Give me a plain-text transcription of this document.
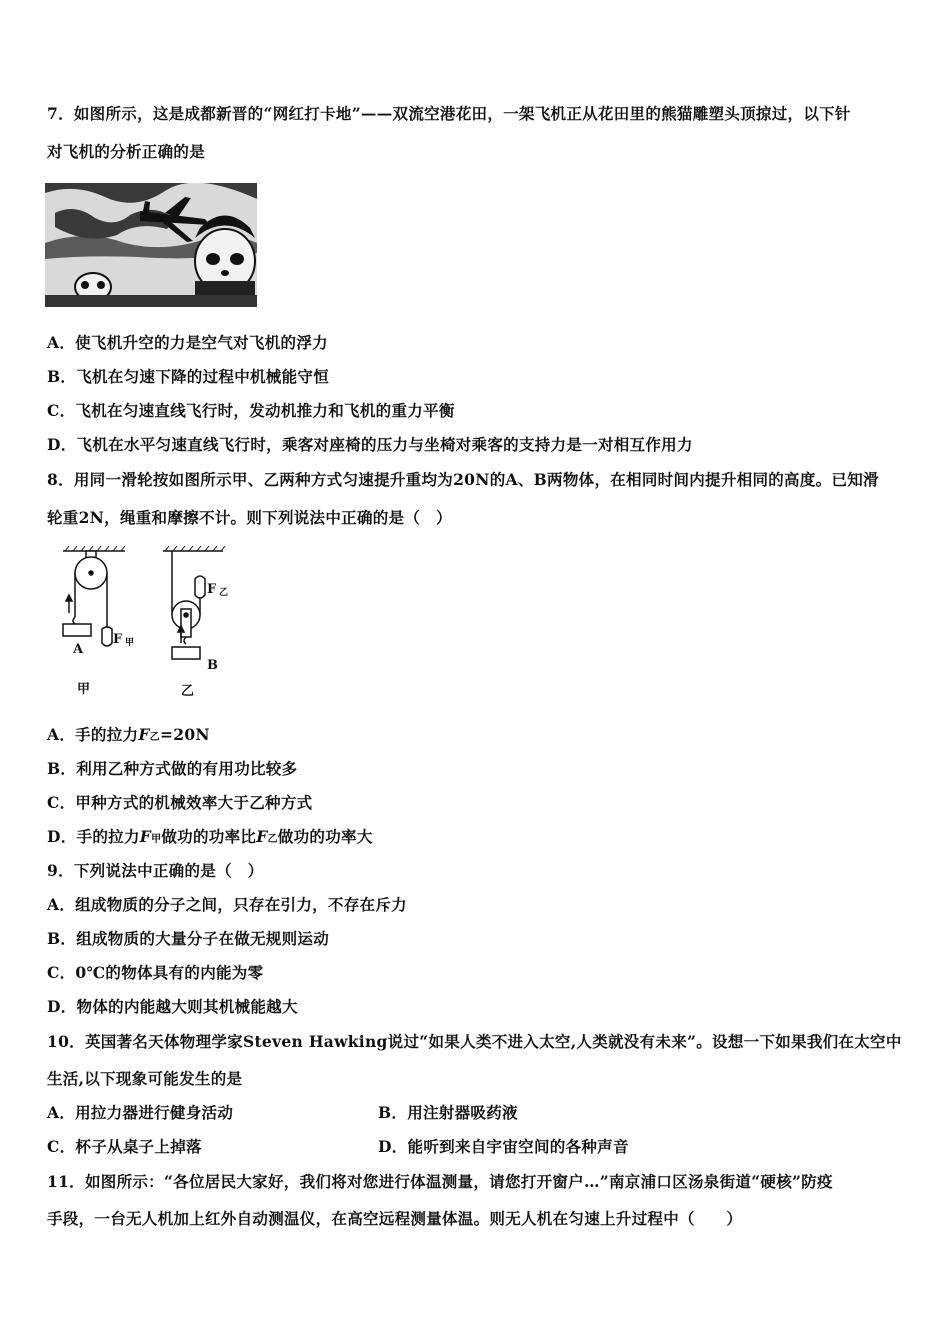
7．如图所示，这是成都新晋的“网红打卡地”——双流空港花田，一架飞机正从花田里的熊猫雕塑头顶掠过，以下针
对飞机的分析正确的是
A．使飞机升空的力是空气对飞机的浮力
B．飞机在匀速下降的过程中机械能守恒
C．飞机在匀速直线飞行时，发动机推力和飞机的重力平衡
D．飞机在水平匀速直线飞行时，乘客对座椅的压力与坐椅对乘客的支持力是一对相互作用力
8．用同一滑轮按如图所示甲、乙两种方式匀速提升重均为20N的A、B两物体，在相同时间内提升相同的高度。已知滑
轮重2N，绳重和摩擦不计。则下列说法中正确的是（　）
F 甲
A
甲
F 乙
B
乙
A．手的拉力F乙=20N
B．利用乙种方式做的有用功比较多
C．甲种方式的机械效率大于乙种方式
D．手的拉力F甲做功的功率比F乙做功的功率大
9．下列说法中正确的是（　）
A．组成物质的分子之间，只存在引力，不存在斥力
B．组成物质的大量分子在做无规则运动
C．0℃的物体具有的内能为零
D．物体的内能越大则其机械能越大
10．英国著名天体物理学家Steven Hawking说过“如果人类不进入太空,人类就没有未来”。设想一下如果我们在太空中
生活,以下现象可能发生的是
A．用拉力器进行健身活动	B．用注射器吸药液
C．杯子从桌子上掉落	D．能听到来自宇宙空间的各种声音
11．如图所示：“各位居民大家好，我们将对您进行体温测量，请您打开窗户…”南京浦口区汤泉街道“硬核”防疫
手段，一台无人机加上红外自动测温仪，在高空远程测量体温。则无人机在匀速上升过程中（　　）
